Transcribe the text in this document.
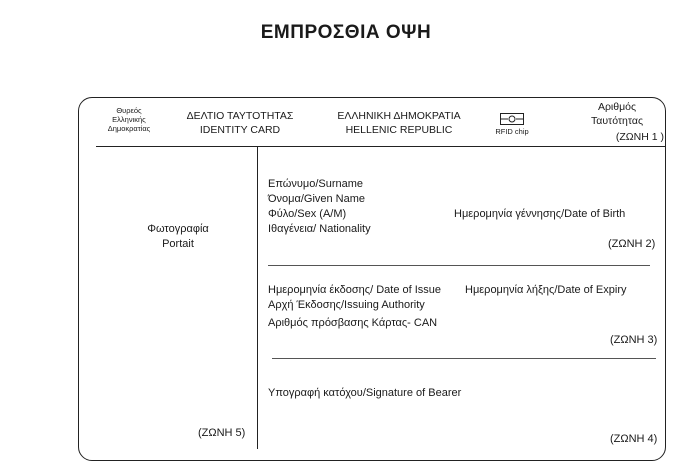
ΕΜΠΡΟΣΘΙΑ ΟΨΗ
Θυρεός
Ελληνικής
Δημοκρατίας
ΔΕΛΤΙΟ ΤΑΥΤΟΤΗΤΑΣ
IDENTITY CARD
ΕΛΛΗΝΙΚΗ ΔΗΜΟΚΡΑΤΙΑ
HELLENIC REPUBLIC	RFID chip
Αριθμός
Ταυτότητας
(ΖΩΝΗ 1 )
Φωτογραφία
Portait
(ΖΩΝΗ 5)
Επώνυμο/Surname
Όνομα/Given Name
Φύλο/Sex (A/M)
Ιθαγένεια/ Nationality
Ημερομηνία γέννησης/Date of Birth
(ΖΩΝΗ 2)
Ημερομηνία έκδοσης/ Date of Issue Ημερομηνία λήξης/Date of Expiry
Αρχή Έκδοσης/Issuing Authority
Αριθμός πρόσβασης Κάρτας- CAN
(ΖΩΝΗ 3)
Υπογραφή κατόχου/Signature of Bearer
(ΖΩΝΗ 4)
